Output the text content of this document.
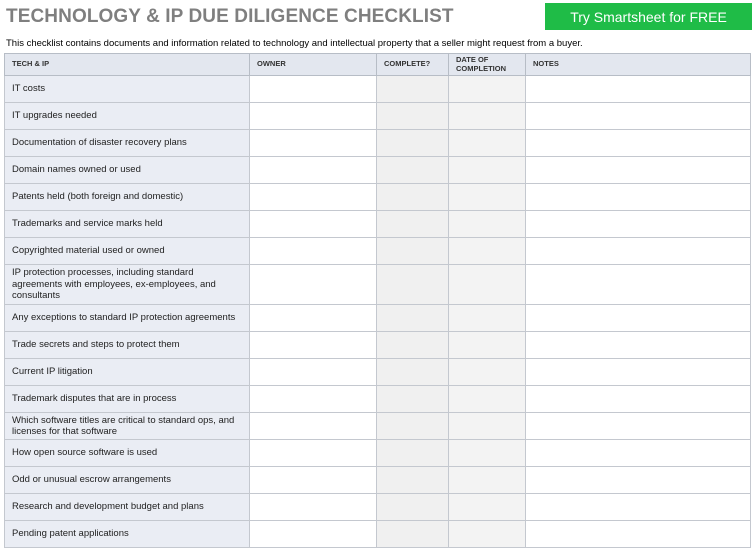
TECHNOLOGY & IP DUE DILIGENCE CHECKLIST	Try Smartsheet for FREE
This checklist contains documents and information related to technology and intellectual property that a seller might request from a buyer.
TECH & IP	OWNER	COMPLETE?	DATE OF COMPLETION	NOTES
IT costs				
IT upgrades needed				
Documentation of disaster recovery plans				
Domain names owned or used				
Patents held (both foreign and domestic)				
Trademarks and service marks held				
Copyrighted material used or owned				
IP protection processes, including standard agreements with employees, ex-employees, and consultants				
Any exceptions to standard IP protection agreements				
Trade secrets and steps to protect them				
Current IP litigation				
Trademark disputes that are in process				
Which software titles are critical to standard ops, and licenses for that software				
How open source software is used				
Odd or unusual escrow arrangements				
Research and development budget and plans				
Pending patent applications				
